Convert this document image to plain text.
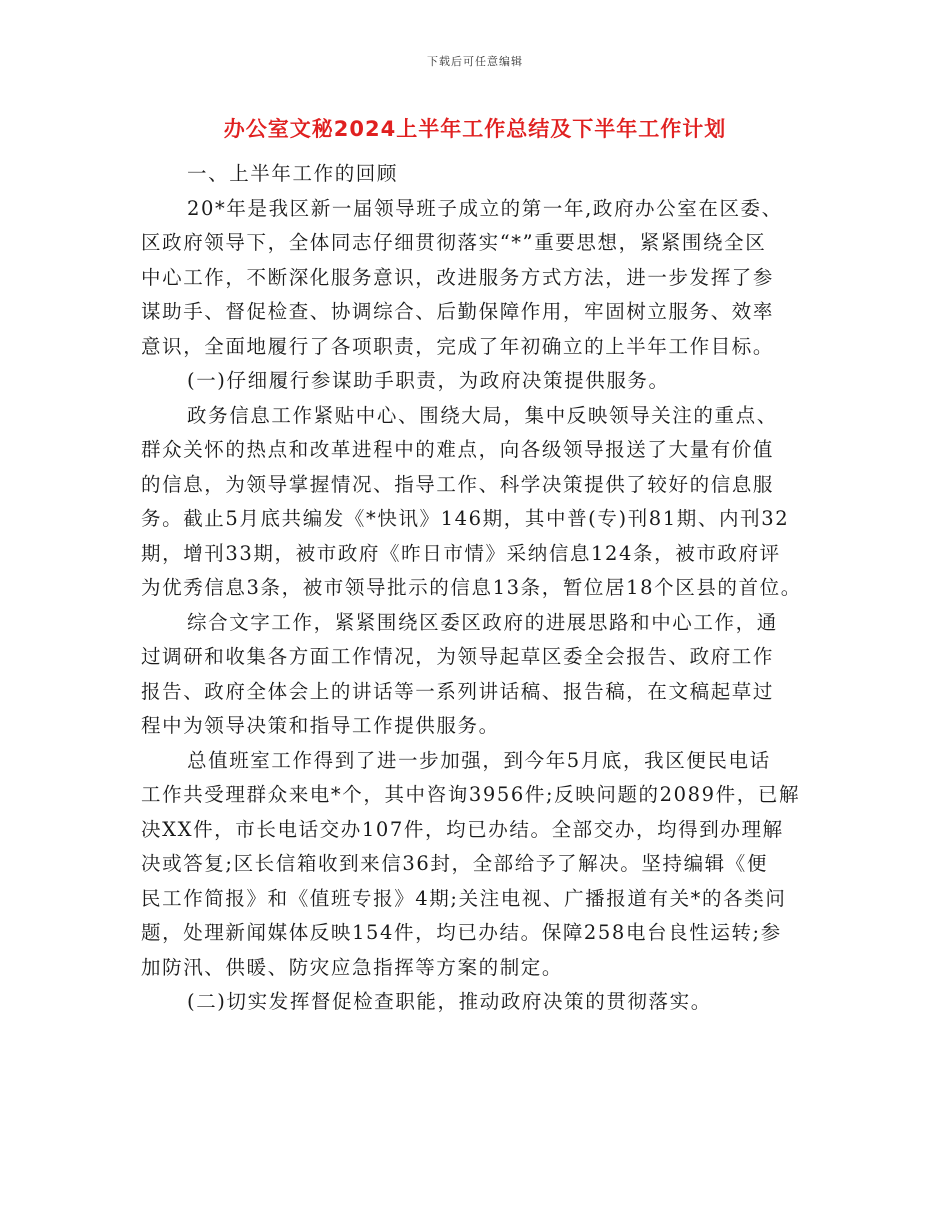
下载后可任意编辑
办公室文秘2024上半年工作总结及下半年工作计划
一、上半年工作的回顾
20*年是我区新一届领导班子成立的第一年,政府办公室在区委、
区政府领导下，全体同志仔细贯彻落实“*”重要思想，紧紧围绕全区
中心工作，不断深化服务意识，改进服务方式方法，进一步发挥了参
谋助手、督促检查、协调综合、后勤保障作用，牢固树立服务、效率
意识，全面地履行了各项职责，完成了年初确立的上半年工作目标。
(一)仔细履行参谋助手职责，为政府决策提供服务。
政务信息工作紧贴中心、围绕大局，集中反映领导关注的重点、
群众关怀的热点和改革进程中的难点，向各级领导报送了大量有价值
的信息，为领导掌握情况、指导工作、科学决策提供了较好的信息服
务。截止5月底共编发《*快讯》146期，其中普(专)刊81期、内刊32
期，增刊33期，被市政府《昨日市情》采纳信息124条，被市政府评
为优秀信息3条，被市领导批示的信息13条，暂位居18个区县的首位。
综合文字工作，紧紧围绕区委区政府的进展思路和中心工作，通
过调研和收集各方面工作情况，为领导起草区委全会报告、政府工作
报告、政府全体会上的讲话等一系列讲话稿、报告稿，在文稿起草过
程中为领导决策和指导工作提供服务。
总值班室工作得到了进一步加强，到今年5月底，我区便民电话
工作共受理群众来电*个，其中咨询3956件;反映问题的2089件，已解
决XX件，市长电话交办107件，均已办结。全部交办，均得到办理解
决或答复;区长信箱收到来信36封，全部给予了解决。坚持编辑《便
民工作简报》和《值班专报》4期;关注电视、广播报道有关*的各类问
题，处理新闻媒体反映154件，均已办结。保障258电台良性运转;参
加防汛、供暖、防灾应急指挥等方案的制定。
(二)切实发挥督促检查职能，推动政府决策的贯彻落实。
